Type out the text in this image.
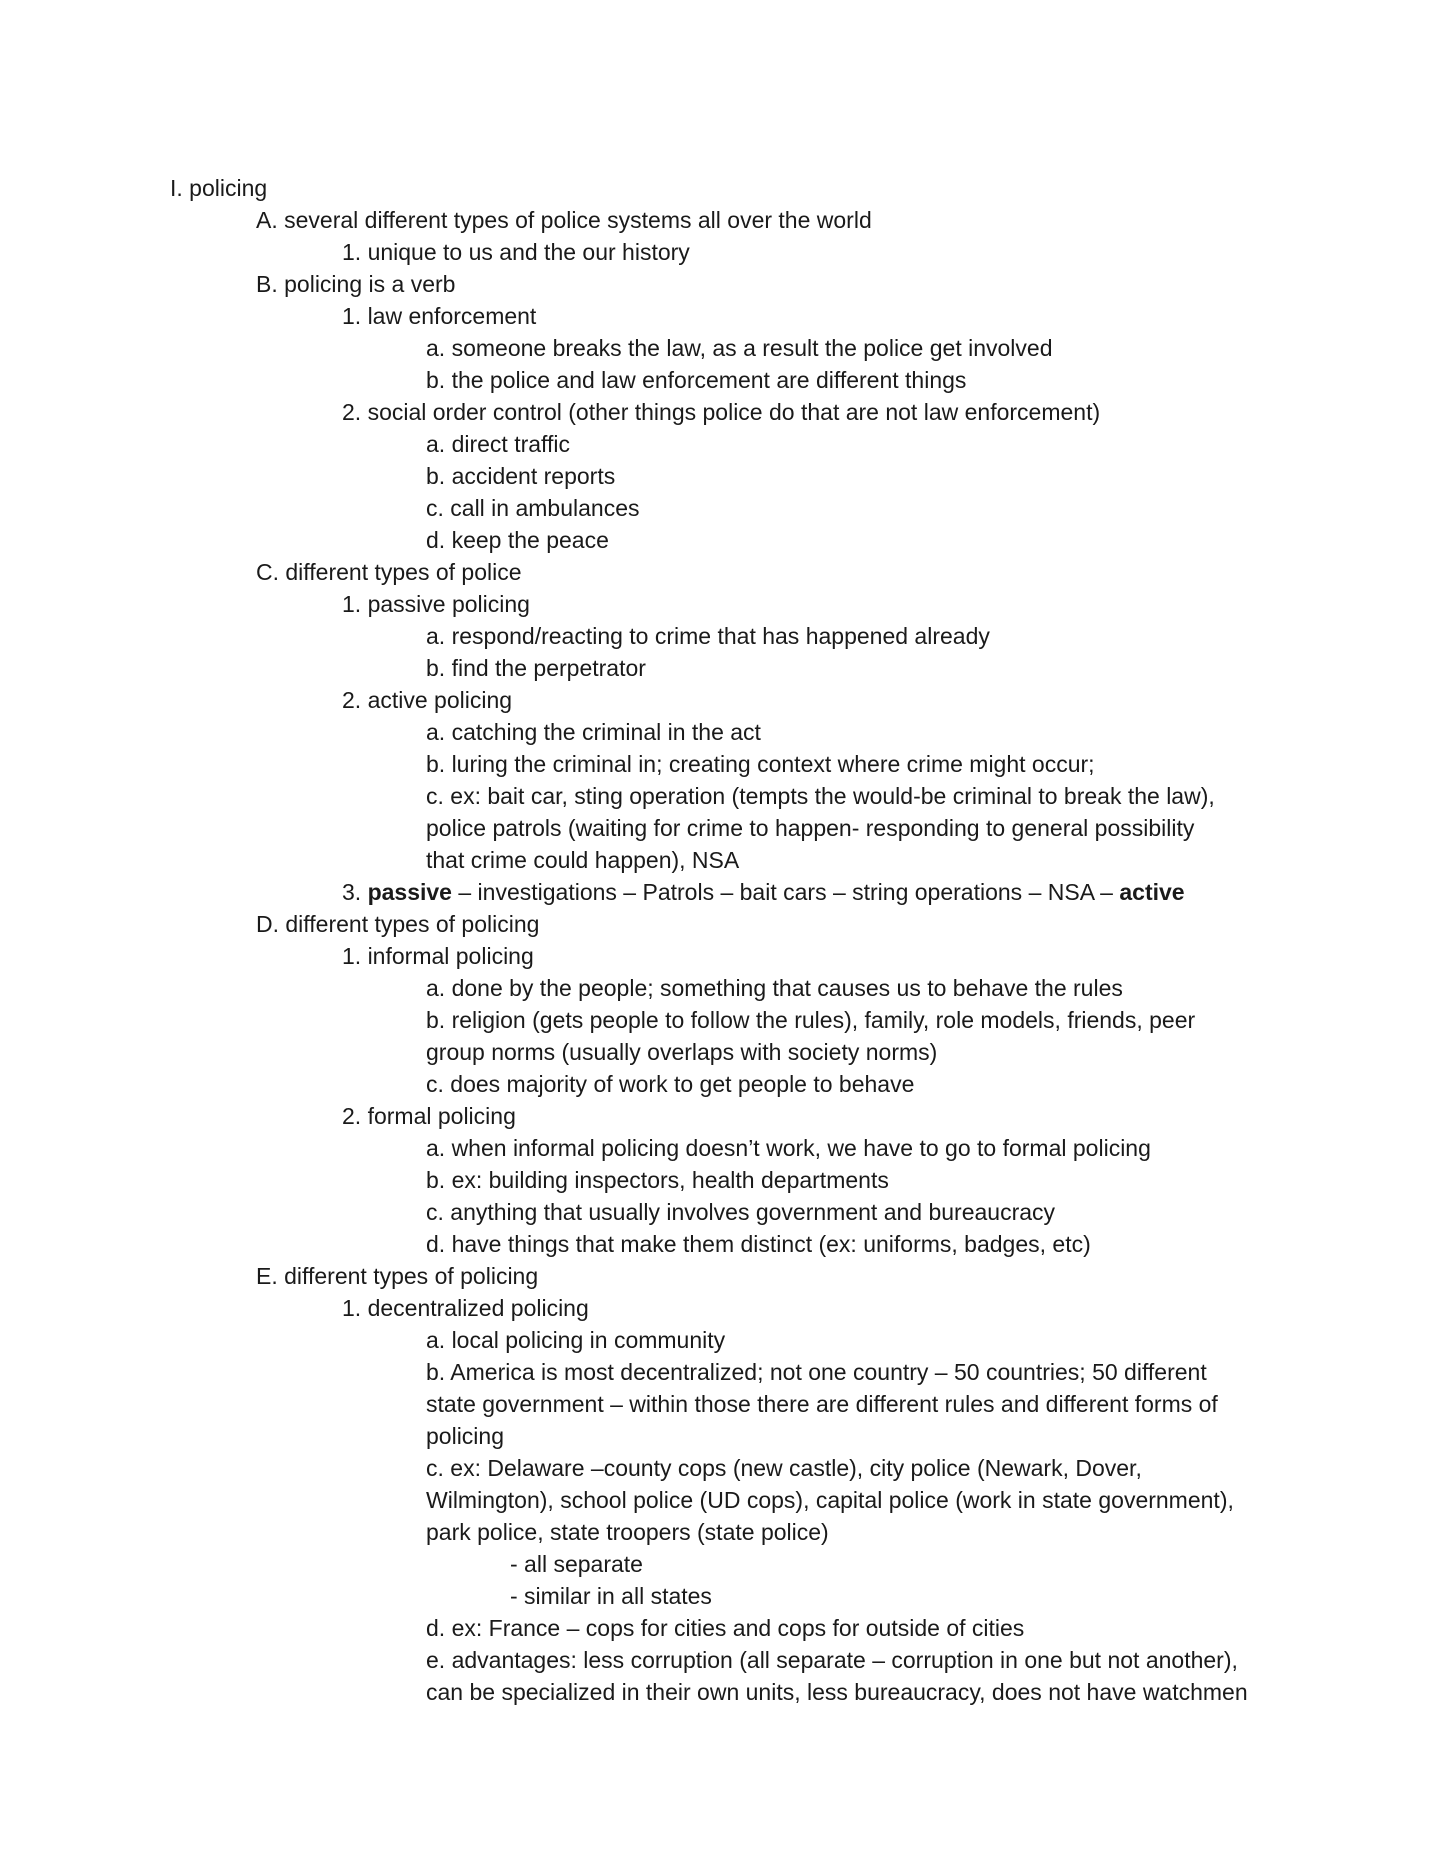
I. policing
A. several different types of police systems all over the world
1. unique to us and the our history
B. policing is a verb
1. law enforcement
a. someone breaks the law, as a result the police get involved
b. the police and law enforcement are different things
2. social order control (other things police do that are not law enforcement)
a. direct traffic
b. accident reports
c. call in ambulances
d. keep the peace
C. different types of police
1. passive policing
a. respond/reacting to crime that has happened already
b. find the perpetrator
2. active policing
a. catching the criminal in the act
b. luring the criminal in; creating context where crime might occur;
c. ex: bait car, sting operation (tempts the would-be criminal to break the law),
police patrols (waiting for crime to happen- responding to general possibility
that crime could happen), NSA
3. passive – investigations – Patrols – bait cars – string operations – NSA – active
D. different types of policing
1. informal policing
a. done by the people; something that causes us to behave the rules
b. religion (gets people to follow the rules), family, role models, friends, peer
group norms (usually overlaps with society norms)
c. does majority of work to get people to behave
2. formal policing
a. when informal policing doesn’t work, we have to go to formal policing
b. ex: building inspectors, health departments
c. anything that usually involves government and bureaucracy
d. have things that make them distinct (ex: uniforms, badges, etc)
E. different types of policing
1. decentralized policing
a. local policing in community
b. America is most decentralized; not one country – 50 countries; 50 different
state government – within those there are different rules and different forms of
policing
c. ex: Delaware –county cops (new castle), city police (Newark, Dover,
Wilmington), school police (UD cops), capital police (work in state government),
park police, state troopers (state police)
- all separate
- similar in all states
d. ex: France – cops for cities and cops for outside of cities
e. advantages: less corruption (all separate – corruption in one but not another),
can be specialized in their own units, less bureaucracy, does not have watchmen
